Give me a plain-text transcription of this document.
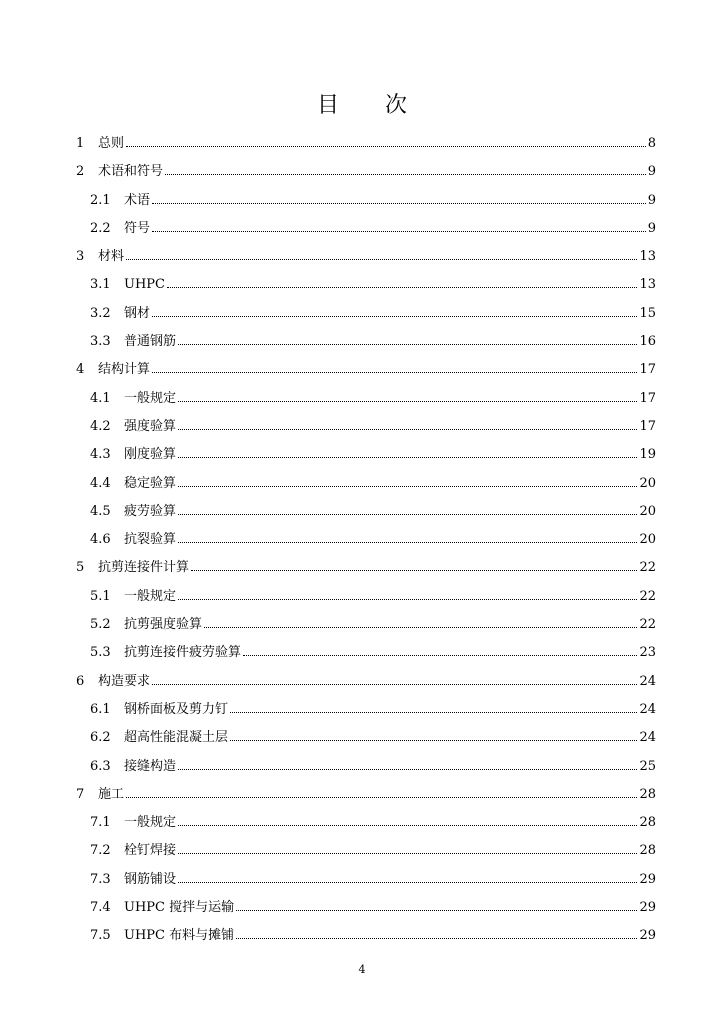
目次
1	总则	8
2	术语和符号	9
2.1	术语	9
2.2	符号	9
3	材料	13
3.1	UHPC	13
3.2	钢材	15
3.3	普通钢筋	16
4	结构计算	17
4.1	一般规定	17
4.2	强度验算	17
4.3	刚度验算	19
4.4	稳定验算	20
4.5	疲劳验算	20
4.6	抗裂验算	20
5	抗剪连接件计算	22
5.1	一般规定	22
5.2	抗剪强度验算	22
5.3	抗剪连接件疲劳验算	23
6	构造要求	24
6.1	钢桥面板及剪力钉	24
6.2	超高性能混凝土层	24
6.3	接缝构造	25
7	施工	28
7.1	一般规定	28
7.2	栓钉焊接	28
7.3	钢筋铺设	29
7.4	UHPC 搅拌与运输	29
7.5	UHPC 布料与摊铺	29
4
